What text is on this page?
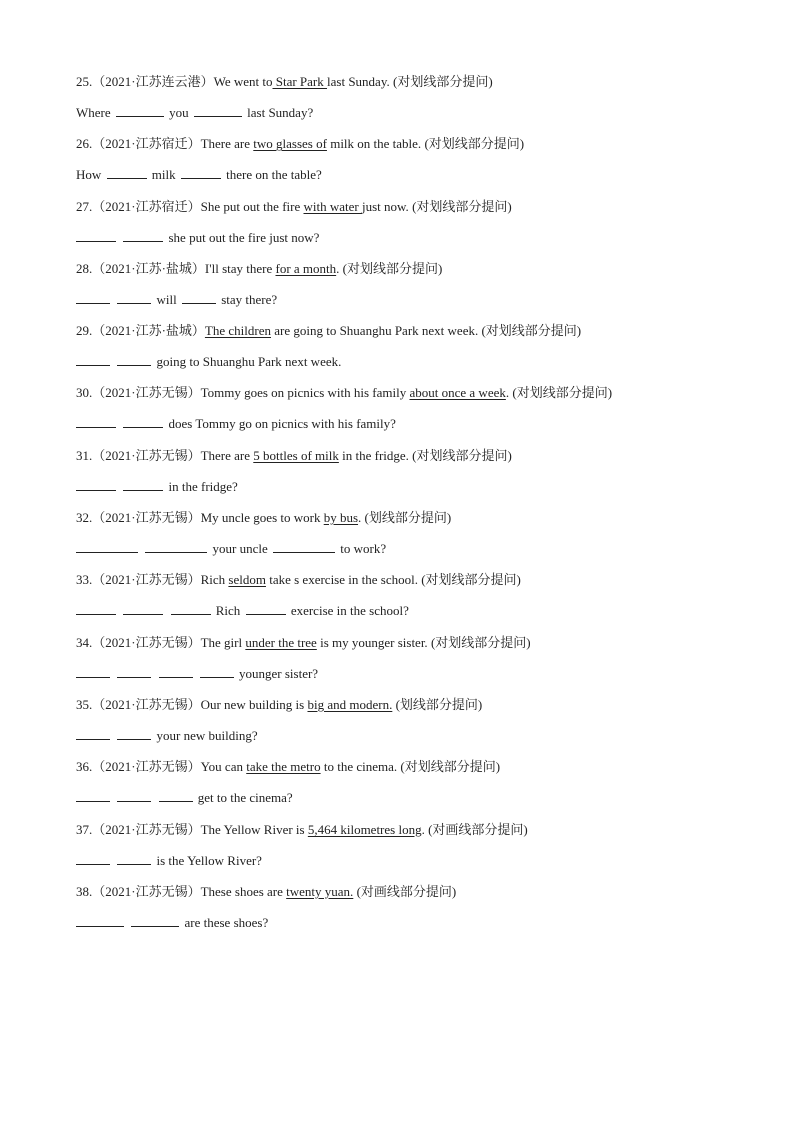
25.（2021·江苏连云港）We went to Star Park last Sunday. (对划线部分提问)
Where	you	last Sunday?
26.（2021·江苏宿迁）There are two glasses of milk on the table. (对划线部分提问)
How	milk	there on the table?
27.（2021·江苏宿迁）She put out the fire with water just now. (对划线部分提问)
she put out the fire just now?
28.（2021·江苏·盐城）I'll stay there for a month. (对划线部分提问)
will	stay there?
29.（2021·江苏·盐城）The children are going to Shuanghu Park next week. (对划线部分提问)
going to Shuanghu Park next week.
30.（2021·江苏无锡）Tommy goes on picnics with his family about once a week. (对划线部分提问)
does Tommy go on picnics with his family?
31.（2021·江苏无锡）There are 5 bottles of milk in the fridge. (对划线部分提问)
in the fridge?
32.（2021·江苏无锡）My uncle goes to work by bus. (划线部分提问)
your uncle	to work?
33.（2021·江苏无锡）Rich seldom take s exercise in the school. (对划线部分提问)
Rich	exercise in the school?
34.（2021·江苏无锡）The girl under the tree is my younger sister. (对划线部分提问)
younger sister?
35.（2021·江苏无锡）Our new building is big and modern. (划线部分提问)
your new building?
36.（2021·江苏无锡）You can take the metro to the cinema. (对划线部分提问)
get to the cinema?
37.（2021·江苏无锡）The Yellow River is 5,464 kilometres long. (对画线部分提问)
is the Yellow River?
38.（2021·江苏无锡）These shoes are twenty yuan. (对画线部分提问)
are these shoes?
